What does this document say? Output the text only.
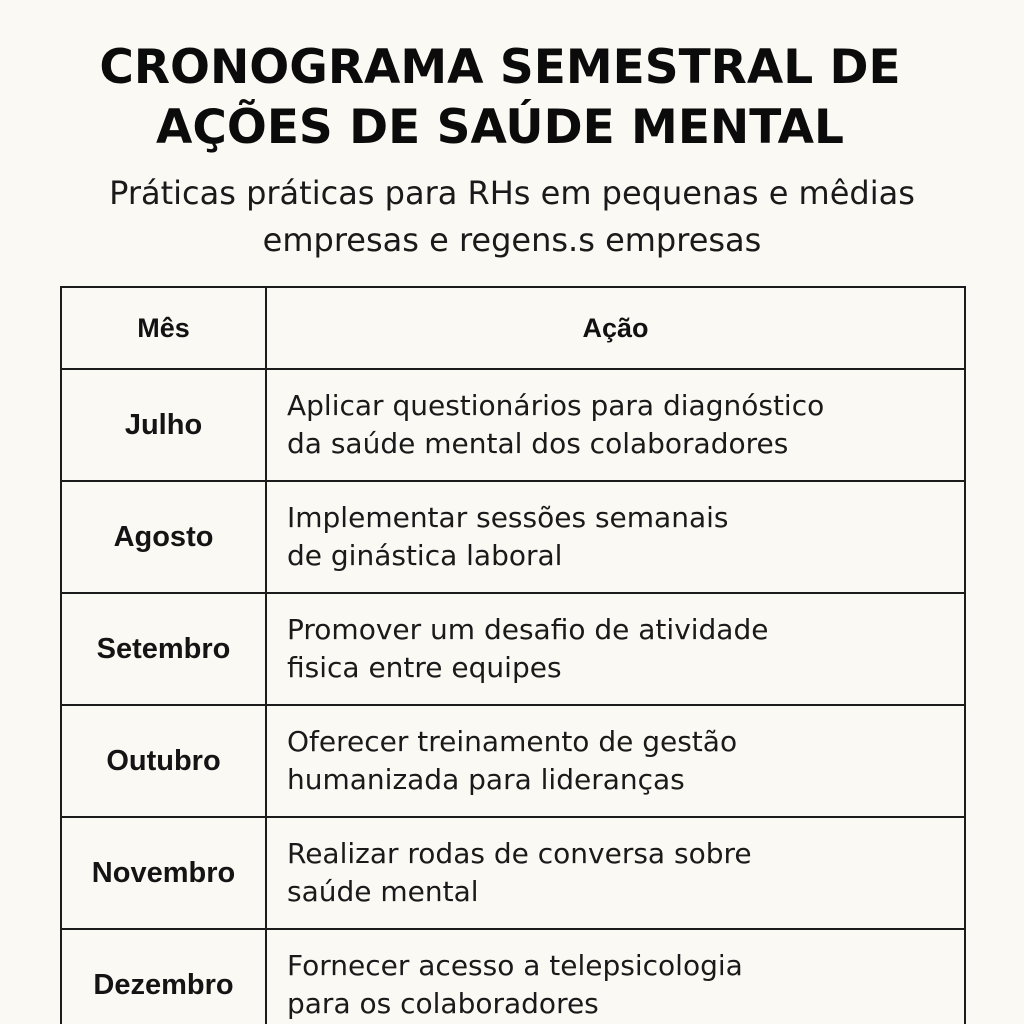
CRONOGRAMA SEMESTRAL DE
AÇÕES DE SAÚDE MENTAL

Práticas práticas para RHs em pequenas e mêdias
empresas e regens.s empresas

Mês	Ação
Julho	Aplicar questionários para diagnóstico
da saúde mental dos colaboradores

Agosto	Implementar sessões semanais
de ginástica laboral

Setembro	Promover um desafio de atividade
fisica entre equipes

Outubro	Oferecer treinamento de gestão
humanizada para lideranças

Novembro	Realizar rodas de conversa sobre
saúde mental

Dezembro	Fornecer acesso a telepsicologia
para os colaboradores
